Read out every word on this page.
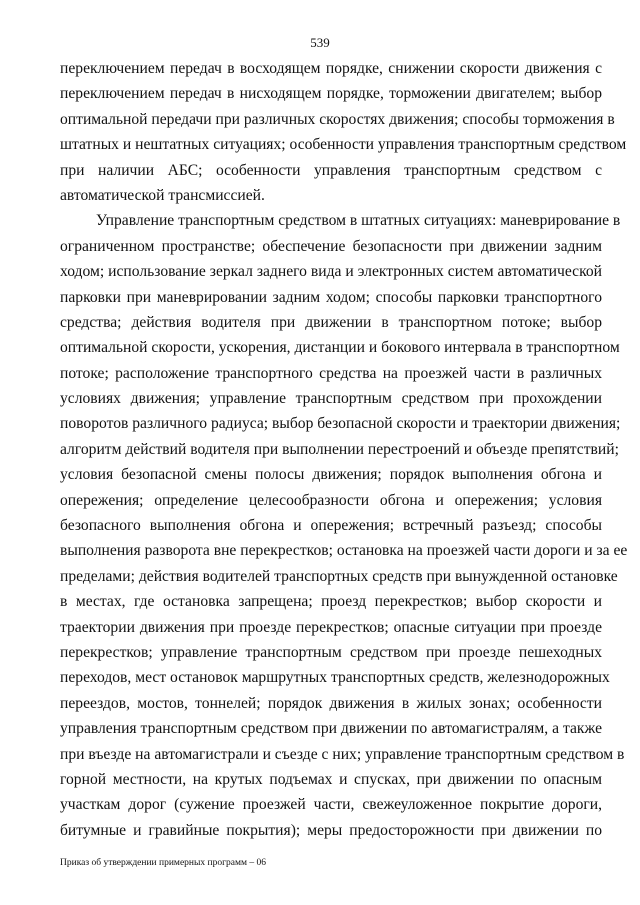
539
переключением передач в восходящем порядке, снижении скорости движения с
переключением передач в нисходящем порядке, торможении двигателем; выбор
оптимальной передачи при различных скоростях движения; способы торможения в
штатных и нештатных ситуациях; особенности управления транспортным средством
при наличии АБС; особенности управления транспортным средством с
автоматической трансмиссией.
Управление транспортным средством в штатных ситуациях: маневрирование в
ограниченном пространстве; обеспечение безопасности при движении задним
ходом; использование зеркал заднего вида и электронных систем автоматической
парковки при маневрировании задним ходом; способы парковки транспортного
средства; действия водителя при движении в транспортном потоке; выбор
оптимальной скорости, ускорения, дистанции и бокового интервала в транспортном
потоке; расположение транспортного средства на проезжей части в различных
условиях движения; управление транспортным средством при прохождении
поворотов различного радиуса; выбор безопасной скорости и траектории движения;
алгоритм действий водителя при выполнении перестроений и объезде препятствий;
условия безопасной смены полосы движения; порядок выполнения обгона и
опережения; определение целесообразности обгона и опережения; условия
безопасного выполнения обгона и опережения; встречный разъезд; способы
выполнения разворота вне перекрестков; остановка на проезжей части дороги и за ее
пределами; действия водителей транспортных средств при вынужденной остановке
в местах, где остановка запрещена; проезд перекрестков; выбор скорости и
траектории движения при проезде перекрестков; опасные ситуации при проезде
перекрестков; управление транспортным средством при проезде пешеходных
переходов, мест остановок маршрутных транспортных средств, железнодорожных
переездов, мостов, тоннелей; порядок движения в жилых зонах; особенности
управления транспортным средством при движении по автомагистралям, а также
при въезде на автомагистрали и съезде с них; управление транспортным средством в
горной местности, на крутых подъемах и спусках, при движении по опасным
участкам дорог (сужение проезжей части, свежеуложенное покрытие дороги,
битумные и гравийные покрытия); меры предосторожности при движении по
Приказ об утверждении примерных программ – 06
